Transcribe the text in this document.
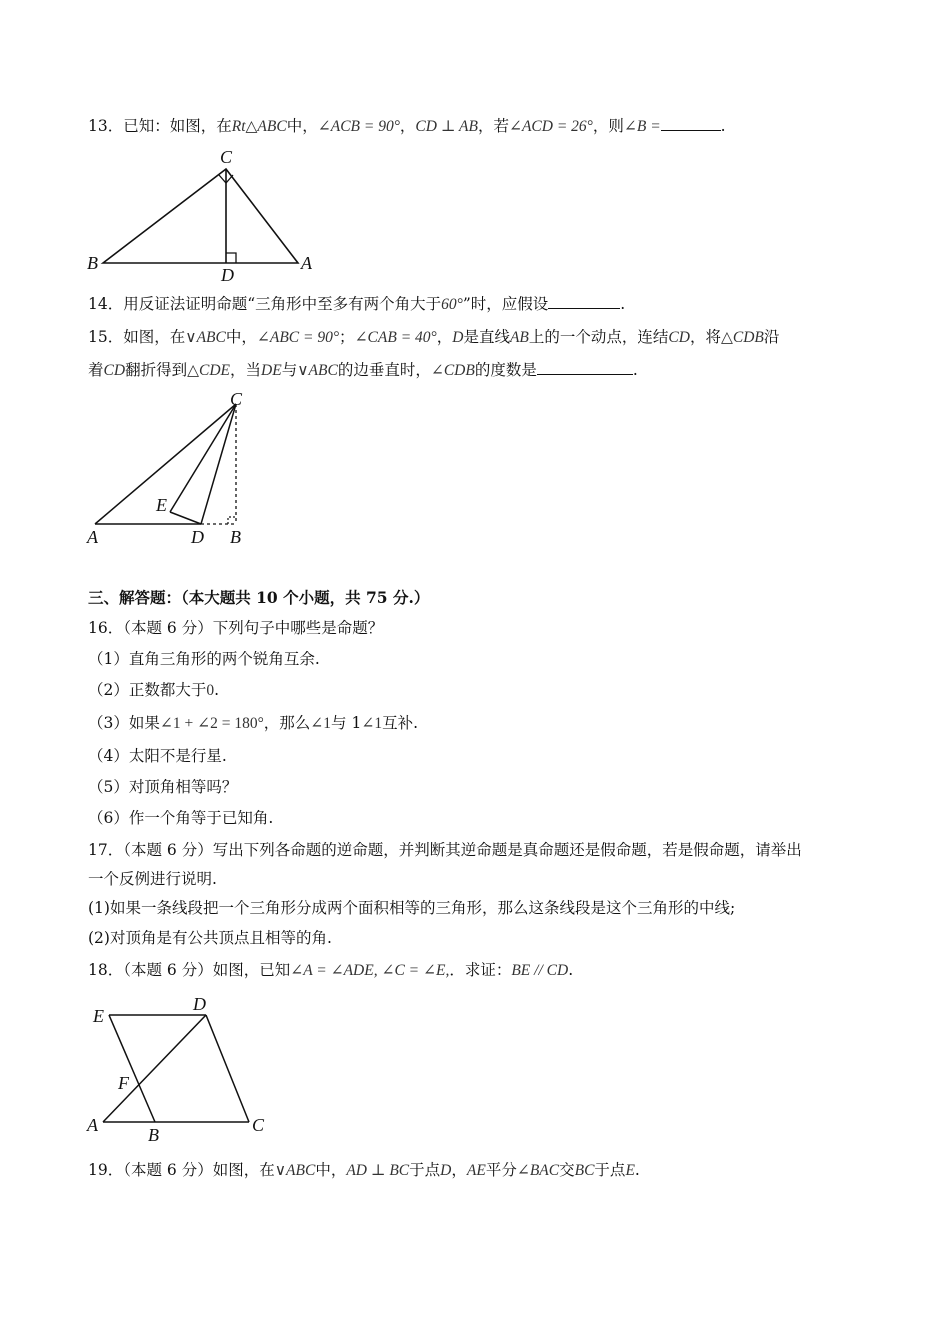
13．已知：如图，在Rt△ABC中，∠ACB = 90°，CD ⊥ AB，若∠ACD = 26°，则∠B =	.
C
B
D
A
14．用反证法证明命题“三角形中至多有两个角大于60°”时，应假设	.
15．如图，在∨ABC中，∠ABC = 90°；∠CAB = 40°，D是直线AB上的一个动点，连结CD，将△CDB沿
着CD翻折得到△CDE，当DE与∨ABC的边垂直时，∠CDB的度数是	.
C
E
A	D B
三、解答题：（本大题共 10 个小题，共 75 分.）
16．（本题 6 分）下列句子中哪些是命题？
（1）直角三角形的两个锐角互余.
（2）正数都大于0.
（3）如果∠1 + ∠2 = 180°，那么∠1与 1∠1互补.
（4）太阳不是行星.
（5）对顶角相等吗？
（6）作一个角等于已知角.
17．（本题 6 分）写出下列各命题的逆命题，并判断其逆命题是真命题还是假命题，若是假命题，请举出
一个反例进行说明.
(1)如果一条线段把一个三角形分成两个面积相等的三角形，那么这条线段是这个三角形的中线;
(2)对顶角是有公共顶点且相等的角.
18．（本题 6 分）如图，已知∠A = ∠ADE, ∠C = ∠E,．求证：BE // CD.
E
D
F
A	B	C
19．（本题 6 分）如图，在∨ABC中，AD ⊥ BC于点D，AE平分∠BAC交BC于点E.
